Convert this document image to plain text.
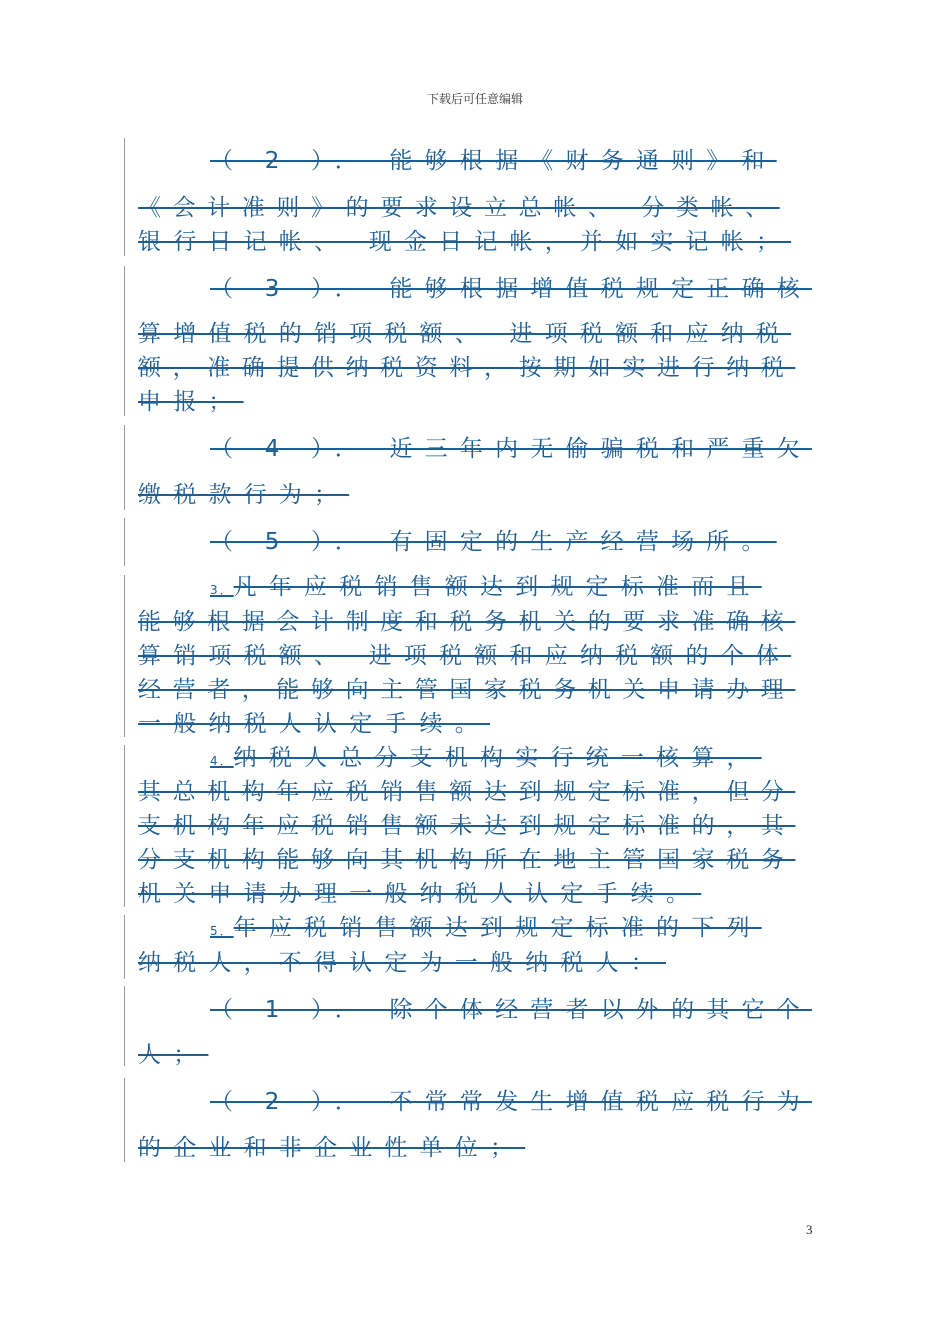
下载后可任意编辑
（ 2 ）． 能够根据《财务通则》和
《会计准则》的要求设立总帐、 分类帐、
银行日记帐、 现金日记帐，并如实记帐；
（ 3 ）． 能够根据增值税规定正确核
算增值税的销项税额、 进项税额和应纳税
额，准确提供纳税资料，按期如实进行纳税
申报；
（ 4 ）． 近三年内无偷骗税和严重欠
缴税款行为；
（ 5 ）． 有固定的生产经营场所。
3．凡年应税销售额达到规定标准而且
能够根据会计制度和税务机关的要求准确核
算销项税额、 进项税额和应纳税额的个体
经营者，能够向主管国家税务机关申请办理
一般纳税人认定手续。
4．纳税人总分支机构实行统一核算，
其总机构年应税销售额达到规定标准，但分
支机构年应税销售额未达到规定标准的，其
分支机构能够向其机构所在地主管国家税务
机关申请办理一般纳税人认定手续。
5．年应税销售额达到规定标准的下列
纳税人，不得认定为一般纳税人：
（ 1 ）． 除个体经营者以外的其它个
人；
（ 2 ）． 不常常发生增值税应税行为
的企业和非企业性单位；
3
